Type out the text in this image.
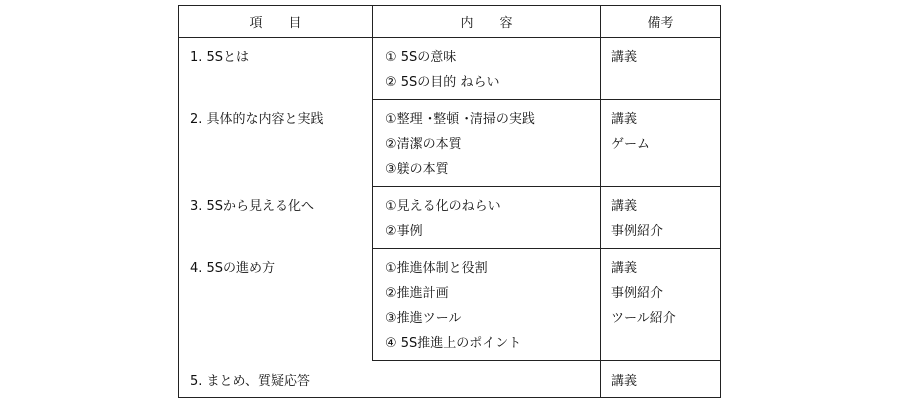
項　　目	内　　容	備考

1. 5Sとは	① 5Sの意味	講義

	② 5Sの目的 ねらい	

2. 具体的な内容と実践	①整理 ･整頓 ･清掃の実践	講義

	②清潔の本質	ゲーム

	③躾の本質	

3. 5Sから見える化へ	①見える化のねらい	講義

	②事例	事例紹介

4. 5Sの進め方	①推進体制と役割	講義

	②推進計画	事例紹介

	③推進ツール	ツール紹介

	④ 5S推進上のポイント	

5. まとめ、質疑応答		講義
